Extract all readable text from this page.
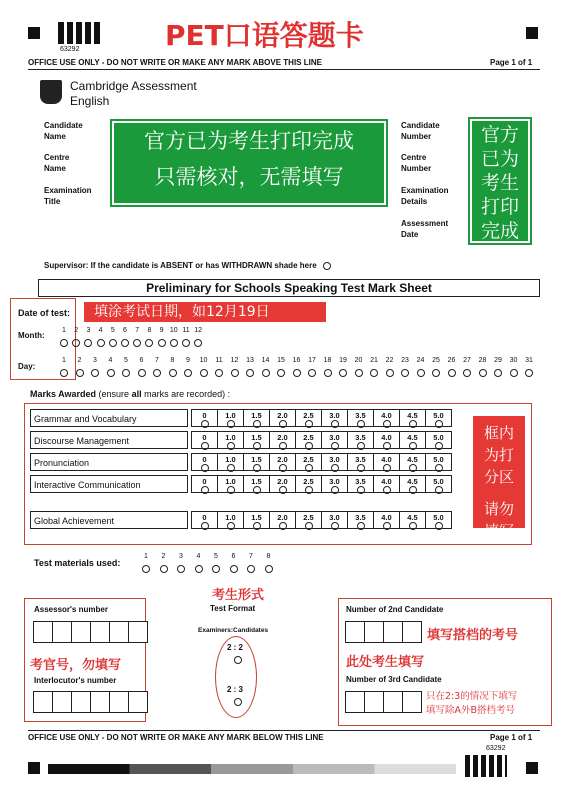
63292	PET口语答题卡
OFFICE USE ONLY - DO NOT WRITE OR MAKE ANY MARK ABOVE THIS LINE	Page 1 of 1
Cambridge Assessment
English
Candidate
Name
Centre
Name
Examination
Title
Candidate
Number
Centre
Number
Examination
Details
Assessment
Date
官方已为考生打印完成
只需核对，无需填写
官方已为考生打印完成
Supervisor: If the candidate is ABSENT or has WITHDRAWN shade here
Preliminary for Schools Speaking Test Mark Sheet
Date of test:	填涂考试日期，如12月19日
Month:
1	2	3	4	5	6	7	8	9 10 11 12
Day:
1	2	3	4	5	6	7	8	9	10	11	12	13	14	15	16	17	18	19	20	21	22	23	24	25	26	27	28	29	30	31
Marks Awarded (ensure all marks are recorded) :
Grammar and Vocabulary	0	1.0	1.5	2.0	2.5	3.0	3.5	4.0	4.5	5.0
Discourse Management	0	1.0	1.5	2.0	2.5	3.0	3.5	4.0	4.5	5.0
Pronunciation	0	1.0	1.5	2.0	2.5	3.0	3.5	4.0	4.5	5.0
Interactive Communication	0	1.0	1.5	2.0	2.5	3.0	3.5	4.0	4.5	5.0
Global Achievement	0	1.0	1.5	2.0	2.5	3.0	3.5	4.0	4.5	5.0
框内为打分区
请勿填写
Test materials used:
1	2	3	4	5	6	7	8
Assessor's number
考官号，勿填写
Interlocutor's number
考生形式
Test Format
Examiners:Candidates
2 : 2
2 : 3
Number of 2nd Candidate
填写搭档的考号
此处考生填写
Number of 3rd Candidate
只在2:3的情况下填写
填写除A外B搭档考号
OFFICE USE ONLY - DO NOT WRITE OR MAKE ANY MARK BELOW THIS LINE	Page 1 of 1
63292
